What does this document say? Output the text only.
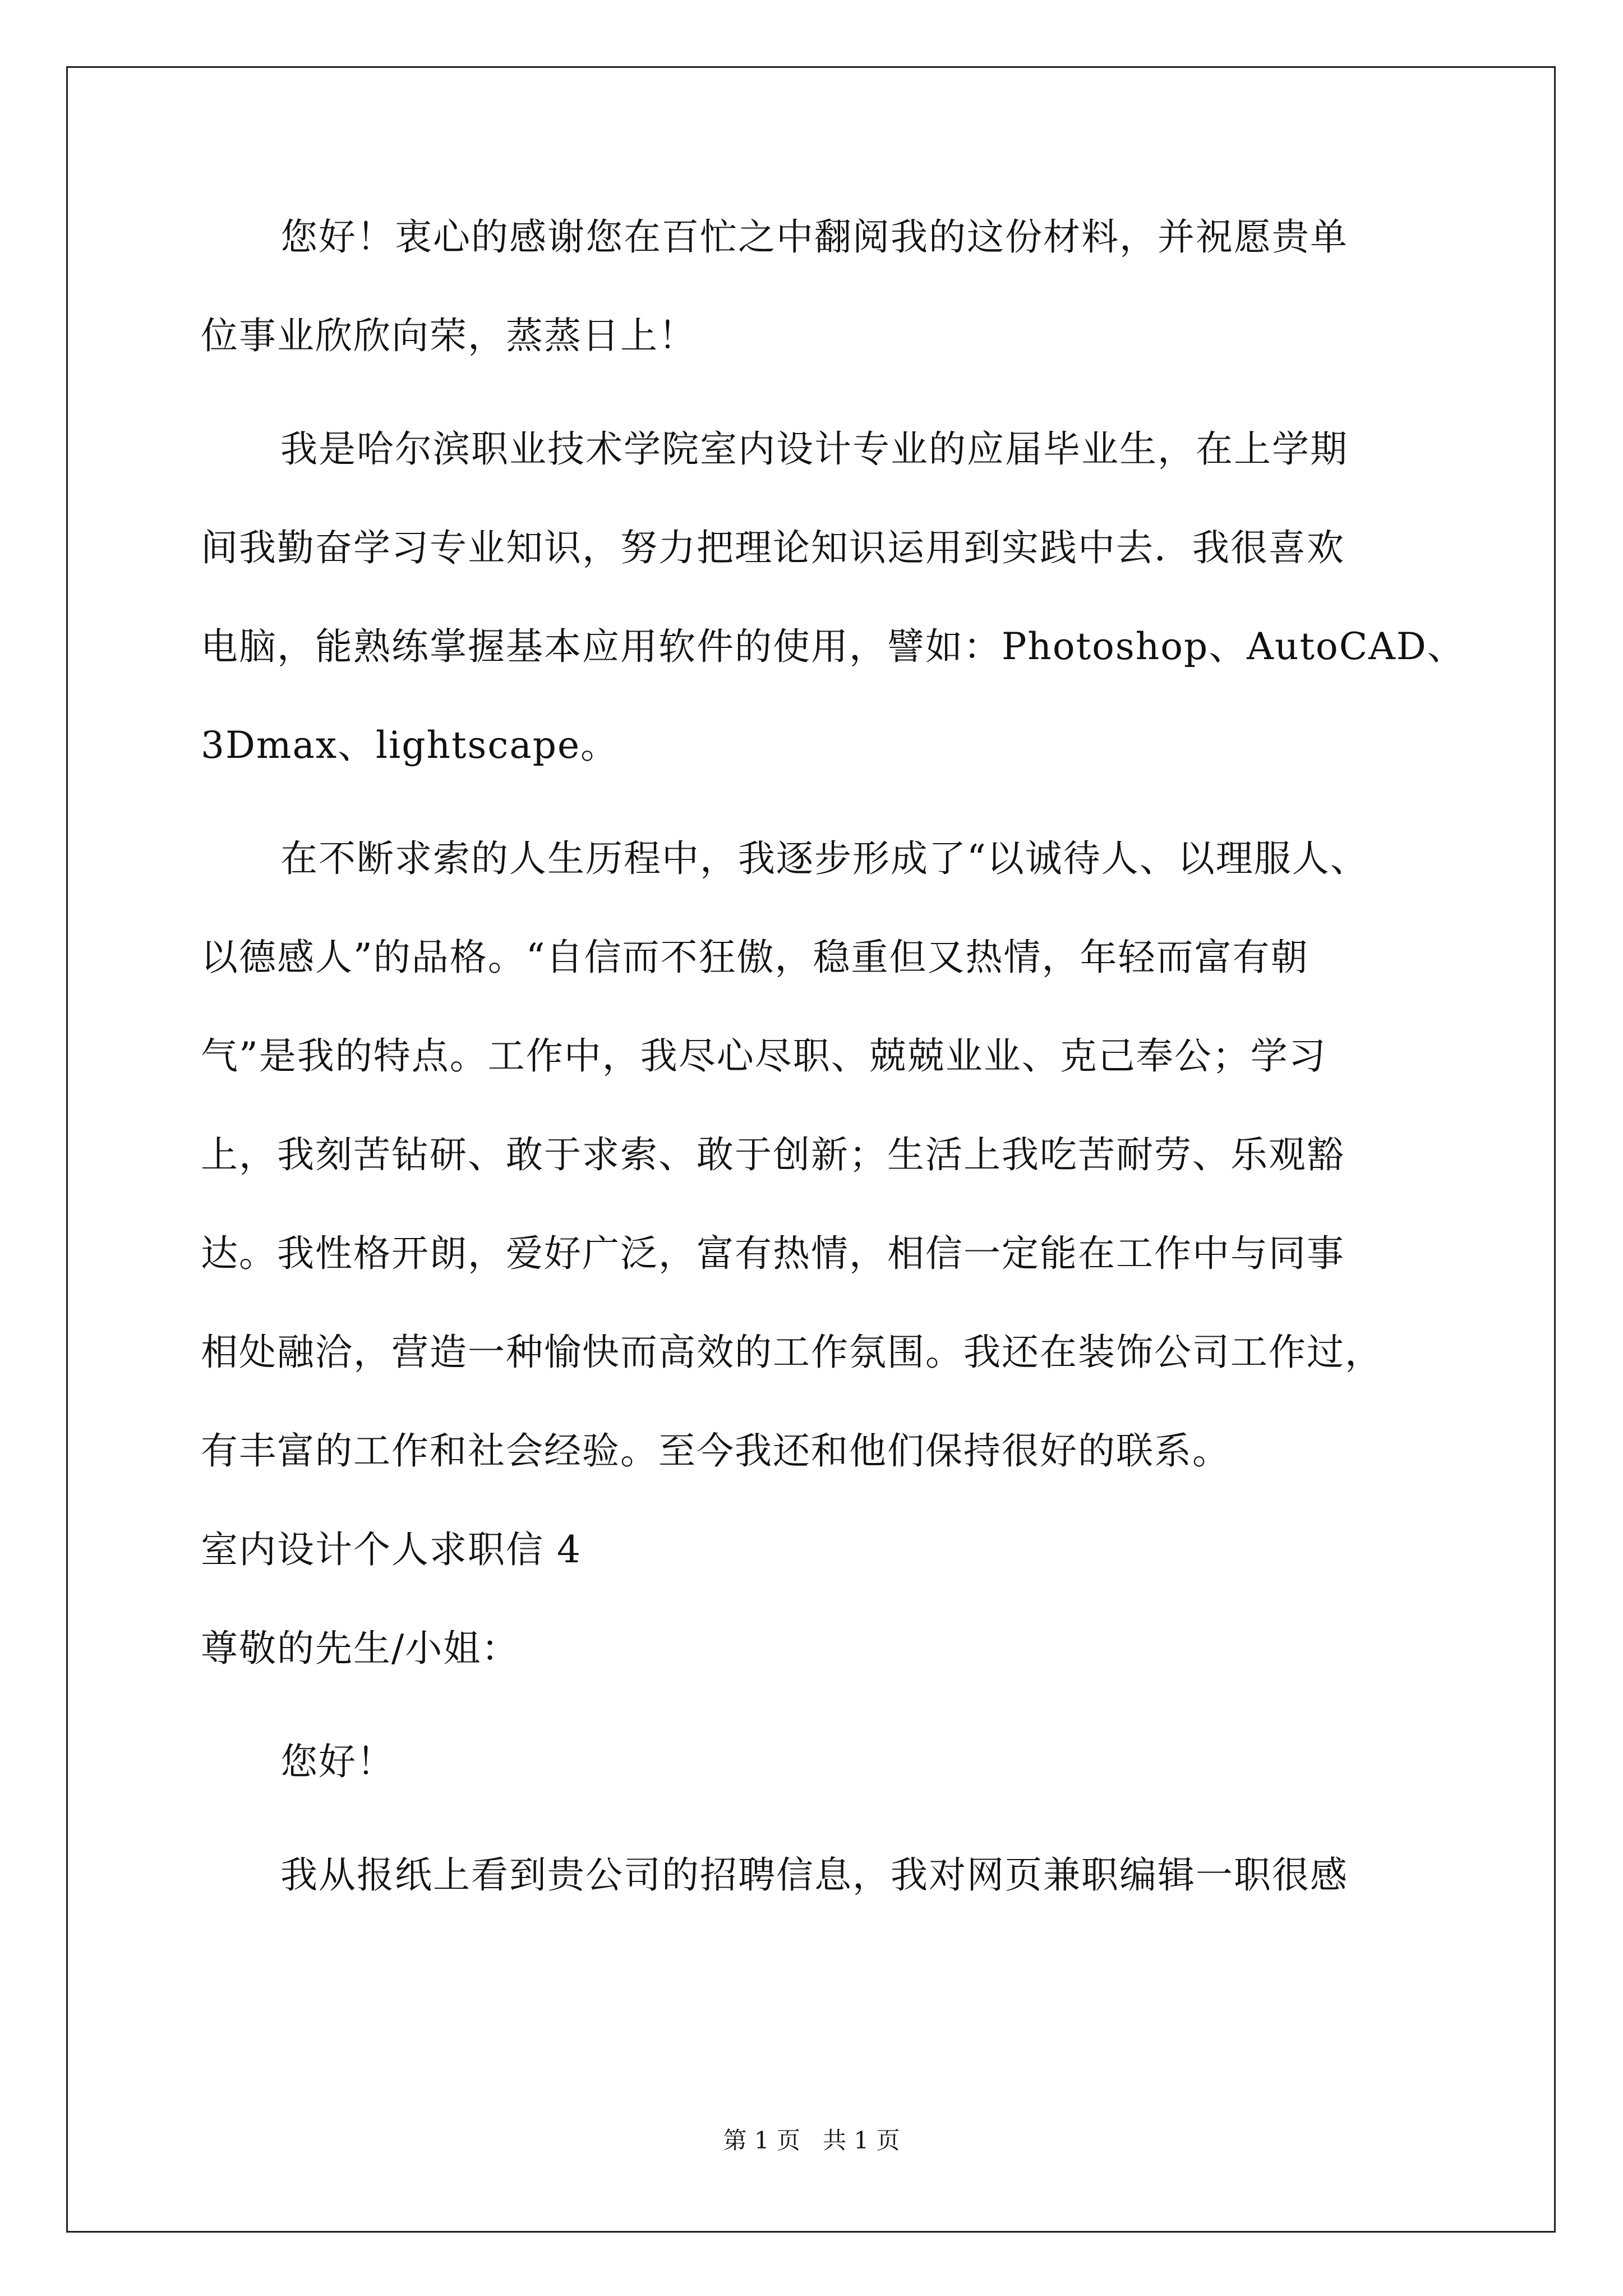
您好！衷心的感谢您在百忙之中翻阅我的这份材料，并祝愿贵单
位事业欣欣向荣，蒸蒸日上！
我是哈尔滨职业技术学院室内设计专业的应届毕业生，在上学期
间我勤奋学习专业知识，努力把理论知识运用到实践中去．我很喜欢
电脑，能熟练掌握基本应用软件的使用，譬如：Photoshop、AutoCAD、
3Dmax、lightscape。
在不断求索的人生历程中，我逐步形成了“以诚待人、以理服人、
以德感人”的品格。“自信而不狂傲，稳重但又热情，年轻而富有朝
气”是我的特点。工作中，我尽心尽职、兢兢业业、克己奉公；学习
上，我刻苦钻研、敢于求索、敢于创新；生活上我吃苦耐劳、乐观豁
达。我性格开朗，爱好广泛，富有热情，相信一定能在工作中与同事
相处融洽，营造一种愉快而高效的工作氛围。我还在装饰公司工作过，
有丰富的工作和社会经验。至今我还和他们保持很好的联系。
室内设计个人求职信 4
尊敬的先生/小姐：
您好！
我从报纸上看到贵公司的招聘信息，我对网页兼职编辑一职很感
第 1 页   共 1 页
